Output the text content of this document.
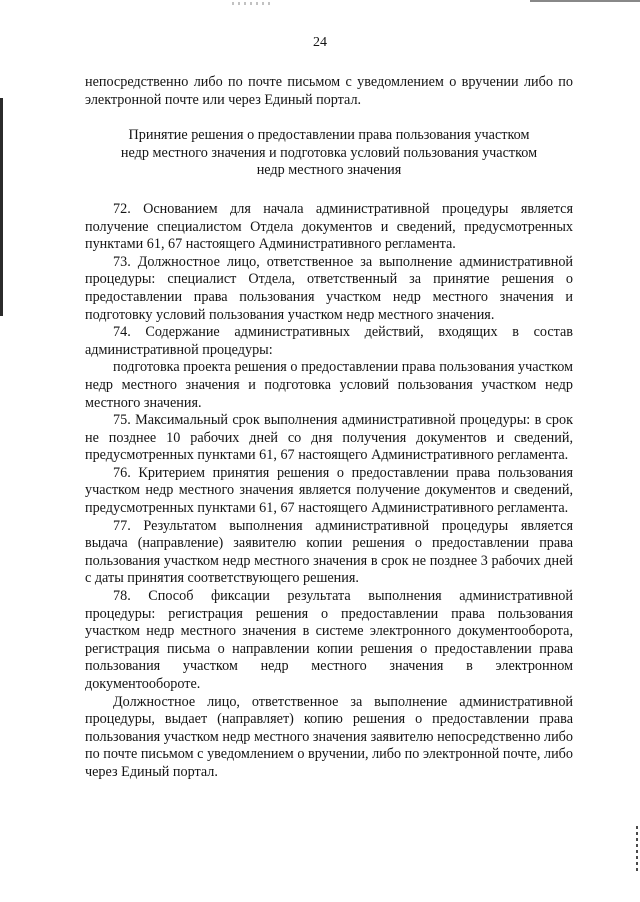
24

непосредственно либо по почте письмом с уведомлением о вручении либо по электронной почте или через Единый портал.

Принятие решения о предоставлении права пользования участком
недр местного значения и подготовка условий пользования участком
недр местного значения

72. Основанием для начала административной процедуры является получение специалистом Отдела документов и сведений, предусмотренных пунктами 61, 67 настоящего Административного регламента.

73. Должностное лицо, ответственное за выполнение административной процедуры: специалист Отдела, ответственный за принятие решения о предоставлении права пользования участком недр местного значения и подготовку условий пользования участком недр местного значения.

74. Содержание административных действий, входящих в состав административной процедуры:

подготовка проекта решения о предоставлении права пользования участком недр местного значения и подготовка условий пользования участком недр местного значения.

75. Максимальный срок выполнения административной процедуры: в срок не позднее 10 рабочих дней со дня получения документов и сведений, предусмотренных пунктами 61, 67 настоящего Административного регламента.

76. Критерием принятия решения о предоставлении права пользования участком недр местного значения является получение документов и сведений, предусмотренных пунктами 61, 67 настоящего Административного регламента.

77. Результатом выполнения административной процедуры является выдача (направление) заявителю копии решения о предоставлении права пользования участком недр местного значения в срок не позднее 3 рабочих дней с даты принятия соответствующего решения.

78. Способ фиксации результата выполнения административной процедуры: регистрация решения о предоставлении права пользования участком недр местного значения в системе электронного документооборота, регистрация письма о направлении копии решения о предоставлении права пользования участком недр местного значения в электронном документообороте.

Должностное лицо, ответственное за выполнение административной процедуры, выдает (направляет) копию решения о предоставлении права пользования участком недр местного значения заявителю непосредственно либо по почте письмом с уведомлением о вручении, либо по электронной почте, либо через Единый портал.
